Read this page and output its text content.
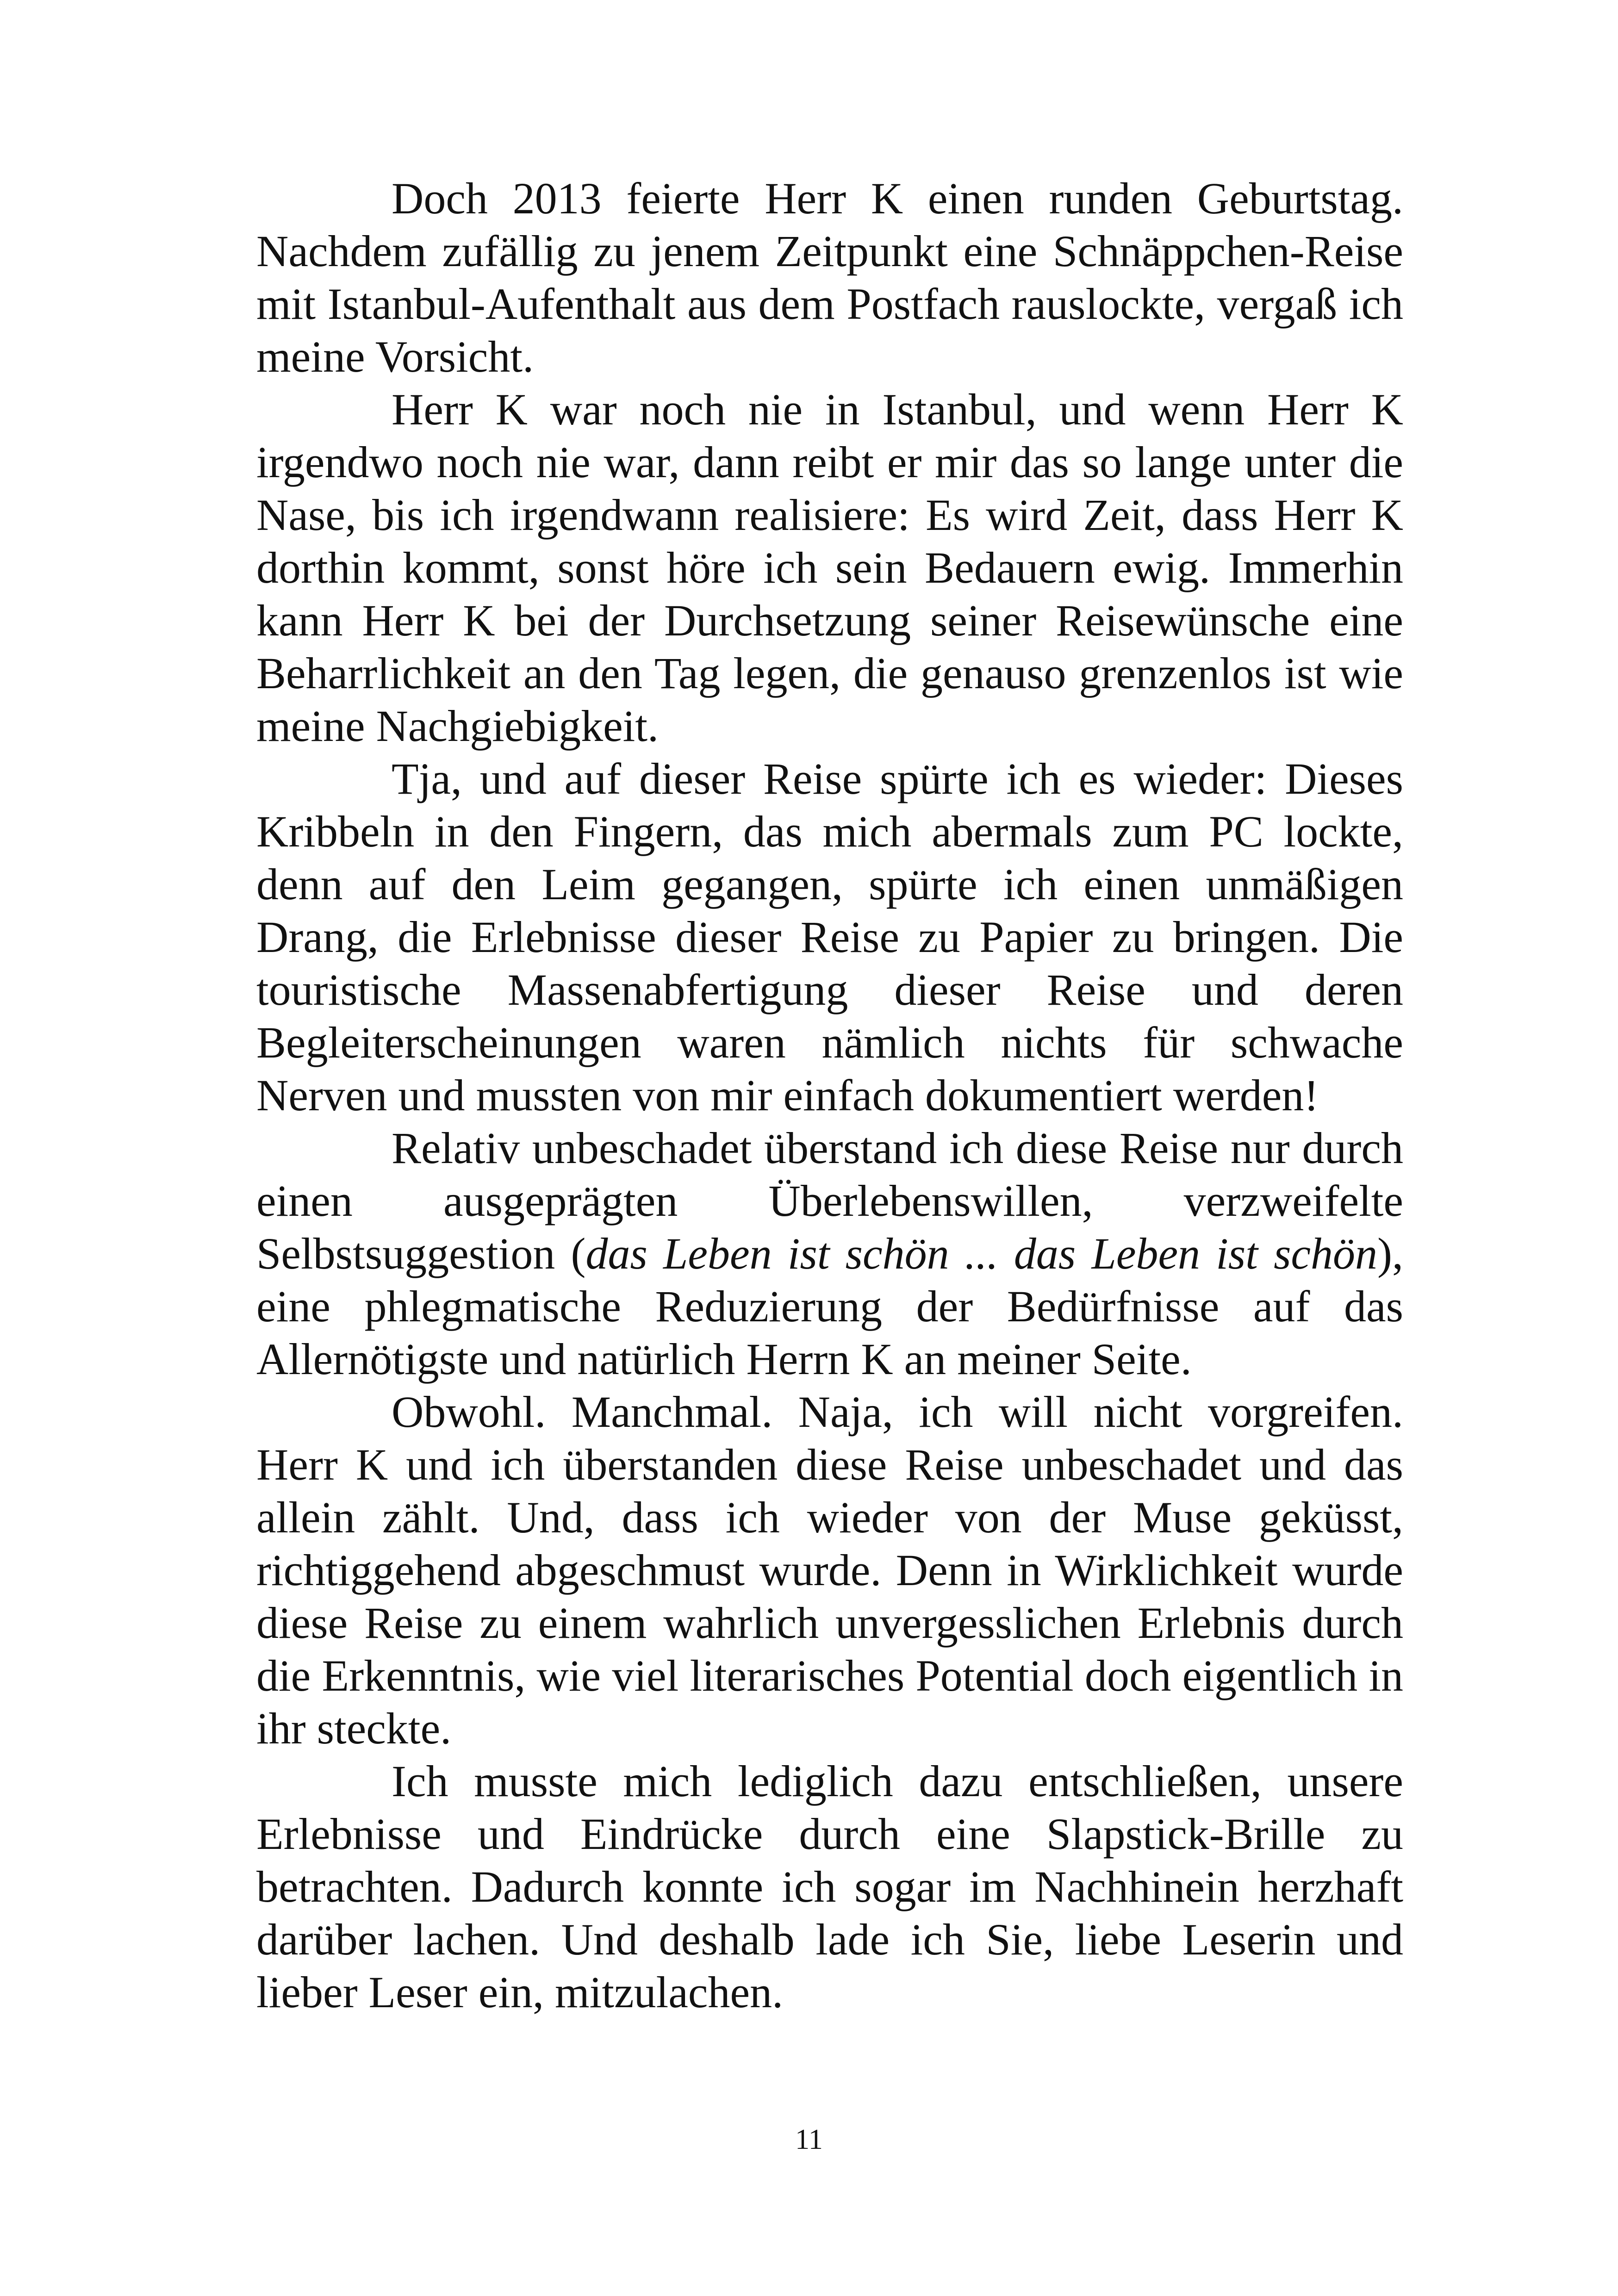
Doch 2013 feierte Herr K einen runden Geburtstag. Nachdem zufällig zu jenem Zeitpunkt eine Schnäppchen-Reise mit Istanbul-Aufenthalt aus dem Postfach rauslockte, vergaß ich meine Vorsicht.

Herr K war noch nie in Istanbul, und wenn Herr K irgendwo noch nie war, dann reibt er mir das so lange unter die Nase, bis ich irgendwann realisiere: Es wird Zeit, dass Herr K dorthin kommt, sonst höre ich sein Bedauern ewig. Immerhin kann Herr K bei der Durchsetzung seiner Reisewünsche eine Beharrlichkeit an den Tag legen, die genauso grenzenlos ist wie meine Nachgiebigkeit.

Tja, und auf dieser Reise spürte ich es wieder: Dieses Kribbeln in den Fingern, das mich abermals zum PC lockte, denn auf den Leim gegangen, spürte ich einen unmäßigen Drang, die Erlebnisse dieser Reise zu Papier zu bringen. Die touristische Massenabfertigung dieser Reise und deren Begleiterscheinungen waren nämlich nichts für schwache Nerven und mussten von mir einfach dokumentiert werden!

Relativ unbeschadet überstand ich diese Reise nur durch einen ausgeprägten Überlebenswillen, verzweifelte Selbstsuggestion (das Leben ist schön ... das Leben ist schön), eine phlegmatische Reduzierung der Bedürfnisse auf das Allernötigste und natürlich Herrn K an meiner Seite.

Obwohl. Manchmal. Naja, ich will nicht vorgreifen. Herr K und ich überstanden diese Reise unbeschadet und das allein zählt. Und, dass ich wieder von der Muse geküsst, richtiggehend abgeschmust wurde. Denn in Wirklichkeit wurde diese Reise zu einem wahrlich unvergesslichen Erlebnis durch die Erkenntnis, wie viel literarisches Potential doch eigentlich in ihr steckte.

Ich musste mich lediglich dazu entschließen, unsere Erlebnisse und Eindrücke durch eine Slapstick-Brille zu betrachten. Dadurch konnte ich sogar im Nachhinein herzhaft darüber lachen. Und deshalb lade ich Sie, liebe Leserin und lieber Leser ein, mitzulachen.

11
